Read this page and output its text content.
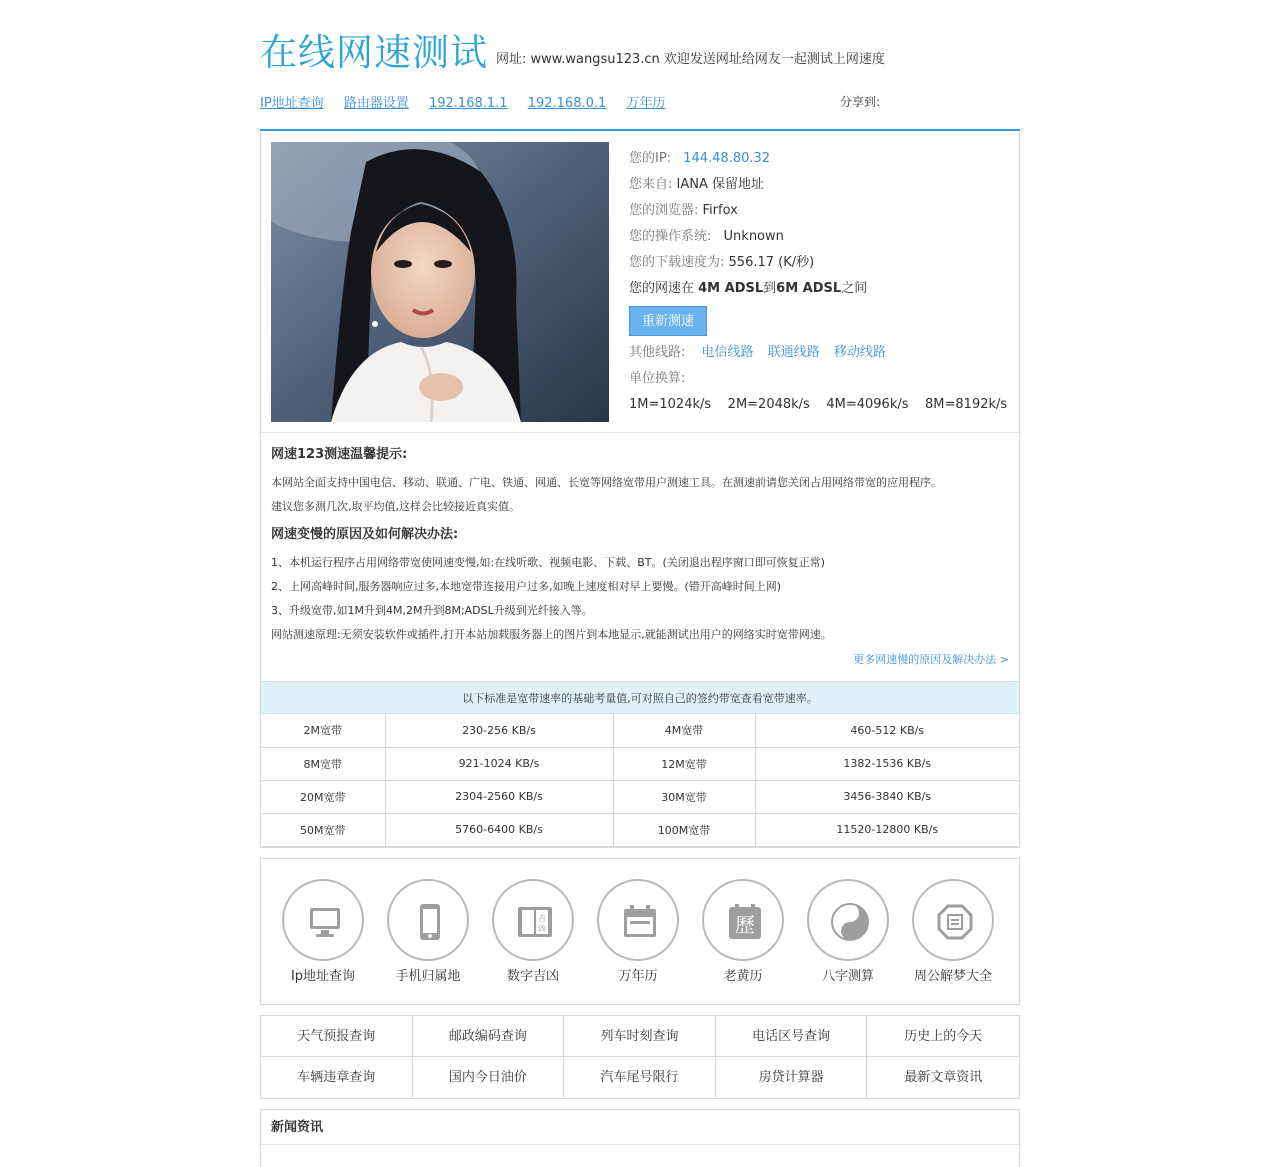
在线网速测试 网址: www.wangsu123.cn 欢迎发送网址给网友一起测试上网速度
IP地址查询 路由器设置 192.168.1.1 192.168.0.1 万年历	分享到:
您的IP: 144.48.80.32
您来自: IANA 保留地址
您的浏览器: Firfox
您的操作系统: Unknown
您的下载速度为: 556.17 (K/秒)
您的网速在 4M ADSL到6M ADSL之间
重新测速
其他线路: 电信线路 联通线路 移动线路
单位换算:
1M=1024k/s    2M=2048k/s    4M=4096k/s    8M=8192k/s
网速123测速温馨提示:

本网站全面支持中国电信、移动、联通、广电、铁通、网通、长宽等网络宽带用户测速工具。在测速前请您关闭占用网络带宽的应用程序。

建议您多测几次,取平均值,这样会比较接近真实值。

网速变慢的原因及如何解决办法:

1、本机运行程序占用网络带宽使网速变慢,如:在线听歌、视频电影、下载、BT。(关闭退出程序窗口即可恢复正常)

2、上网高峰时间,服务器响应过多,本地宽带连接用户过多,如晚上速度相对早上要慢。(错开高峰时间上网)

3、升级宽带,如1M升到4M,2M升到8M;ADSL升级到光纤接入等。

网站测速原理:无须安装软件或插件,打开本站加载服务器上的图片到本地显示,就能测试出用户的网络实时宽带网速。

更多网速慢的原因及解决办法 >
以下标准是宽带速率的基础考量值,可对照自己的签约带宽查看宽带速率。
2M宽带	230-256 KB/s	4M宽带	460-512 KB/s
8M宽带	921-1024 KB/s	12M宽带	1382-1536 KB/s
20M宽带	2304-2560 KB/s	30M宽带	3456-3840 KB/s
50M宽带	5760-6400 KB/s	100M宽带	11520-12800 KB/s
Ip地址查询	手机归属地
吉
凶
数字吉凶	万年历
歷
老黄历	八字测算	周公解梦大全
天气预报查询	邮政编码查询	列车时刻查询	电话区号查询	历史上的今天
车辆违章查询	国内今日油价	汽车尾号限行	房贷计算器	最新文章资讯
新闻资讯
